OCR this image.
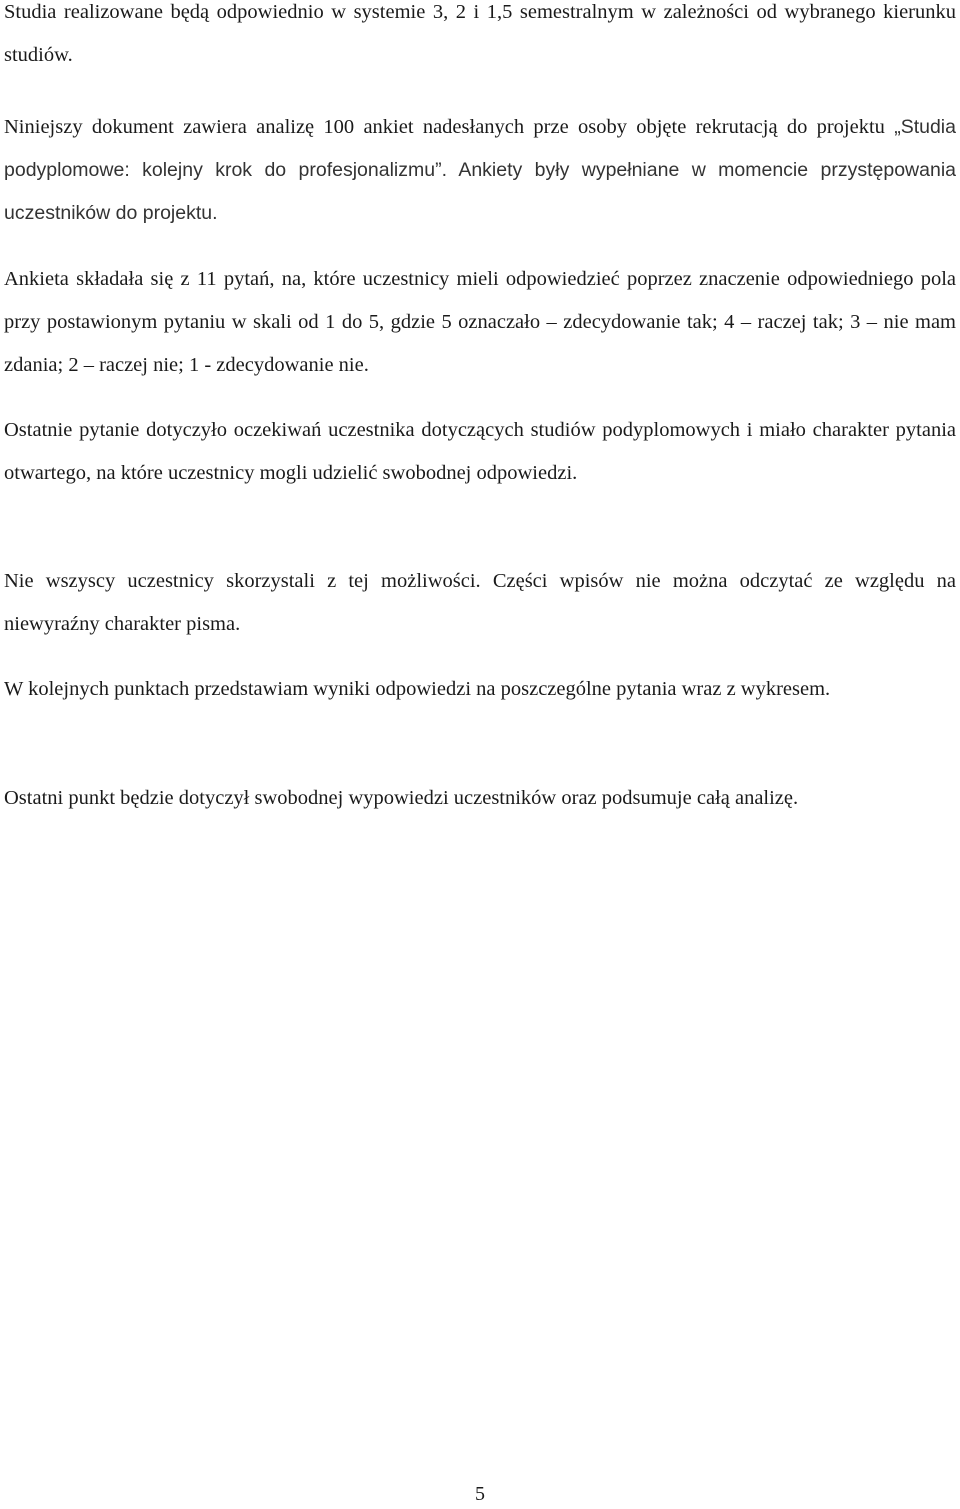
Studia realizowane będą odpowiednio w systemie 3, 2 i 1,5 semestralnym w zależności od wybranego kierunku studiów.

Niniejszy dokument zawiera analizę 100 ankiet nadesłanych prze osoby objęte rekrutacją do projektu „Studia podyplomowe: kolejny krok do profesjonalizmu”. Ankiety były wypełniane w momencie przystępowania uczestników do projektu.

Ankieta składała się z 11 pytań, na, które uczestnicy mieli odpowiedzieć poprzez znaczenie odpowiedniego pola przy postawionym pytaniu w skali od 1 do 5, gdzie 5 oznaczało – zdecydowanie tak; 4 – raczej tak; 3 – nie mam zdania; 2 – raczej nie; 1 - zdecydowanie nie.

Ostatnie pytanie dotyczyło oczekiwań uczestnika dotyczących studiów podyplomowych i miało charakter pytania otwartego, na które uczestnicy mogli udzielić swobodnej odpowiedzi.

Nie wszyscy uczestnicy skorzystali z tej możliwości. Części wpisów nie można odczytać ze względu na niewyraźny charakter pisma.

W kolejnych punktach przedstawiam wyniki odpowiedzi na poszczególne pytania wraz z wykresem.

Ostatni punkt będzie dotyczył swobodnej wypowiedzi uczestników oraz podsumuje całą analizę.

5
